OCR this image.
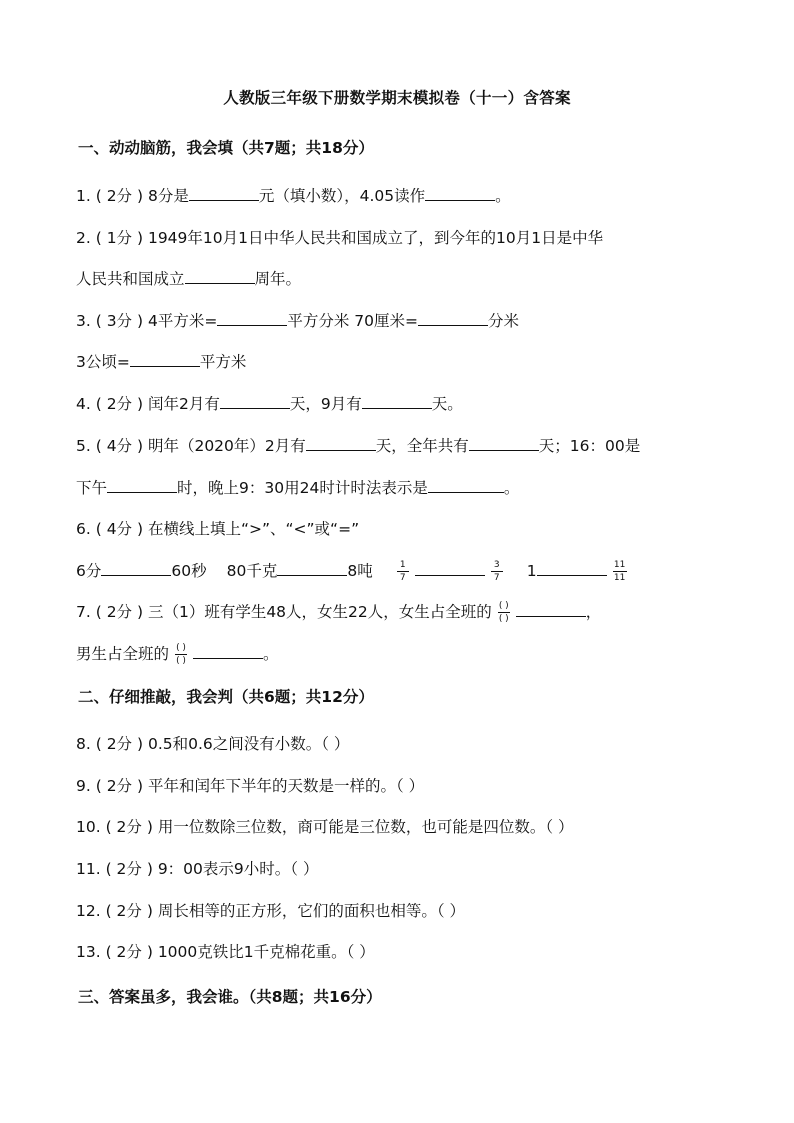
人教版三年级下册数学期末模拟卷（十一）含答案
一、动动脑筋，我会填（共7题；共18分）
1. ( 2分 ) 8分是	元（填小数），4.05读作	。
2. ( 1分 ) 1949年10月1日中华人民共和国成立了，到今年的10月1日是中华
人民共和国成立	周年。
3. ( 3分 ) 4平方米=	平方分米 70厘米=	分米
3公顷=	平方米
4. ( 2分 ) 闰年2月有	天，9月有	天。
5. ( 4分 ) 明年（2020年）2月有	天，全年共有	天；16：00是
下午	时，晚上9：30用24时计时法表示是	。
6. ( 4分 ) 在横线上填上“>”、“<”或“=”
6分	60秒 80千克	8吨	$\frac{1}{7}$	$\frac{3}{7} 1$	$\frac{11}{11}$
7. ( 2分 ) 三（1）班有学生48人，女生22人，女生占全班的 $\frac{( )}{( )}$	，
男生占全班的 $\frac{( )}{( )}$	。
二、仔细推敲，我会判（共6题；共12分）
8. ( 2分 ) 0.5和0.6之间没有小数。（ ）
9. ( 2分 ) 平年和闰年下半年的天数是一样的。（ ）
10. ( 2分 ) 用一位数除三位数，商可能是三位数，也可能是四位数。（ ）
11. ( 2分 ) 9：00表示9小时。（ ）
12. ( 2分 ) 周长相等的正方形，它们的面积也相等。（ ）
13. ( 2分 ) 1000克铁比1千克棉花重。（ ）
三、答案虽多，我会谁。（共8题；共16分）
